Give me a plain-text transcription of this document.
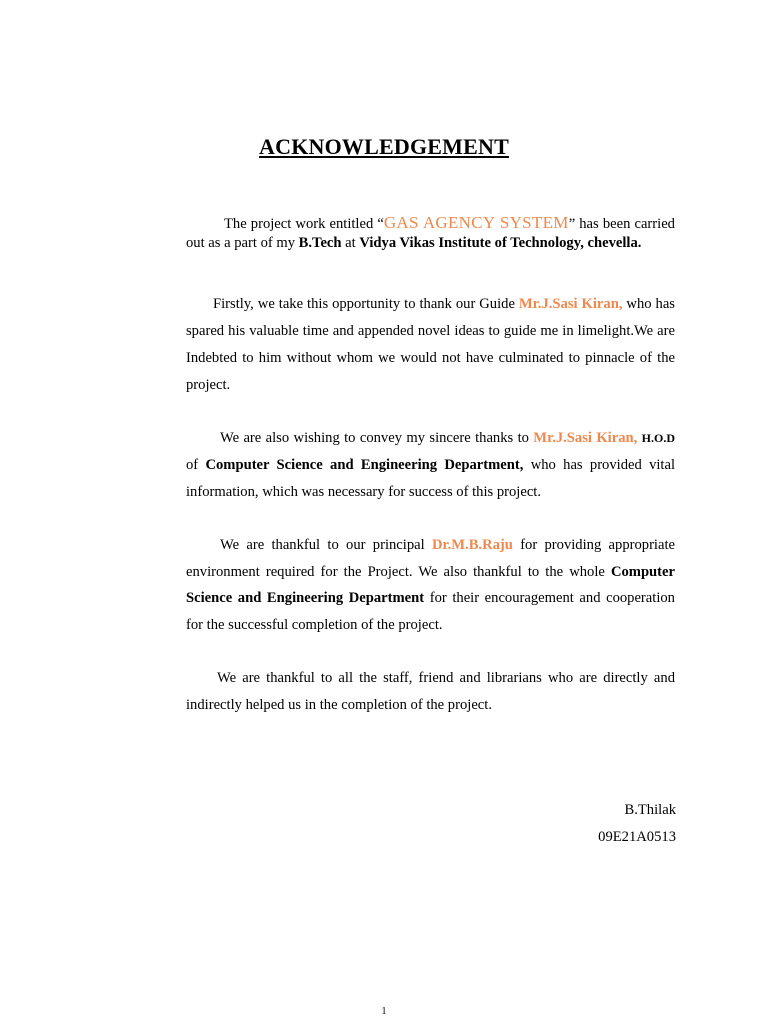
ACKNOWLEDGEMENT
The project work entitled “GAS AGENCY SYSTEM” has been carried out as a part of my B.Tech at Vidya Vikas Institute of Technology, chevella.
Firstly, we take this opportunity to thank our Guide Mr.J.Sasi Kiran, who has spared his valuable time and appended novel ideas to guide me in limelight.We are Indebted to him without whom we would not have culminated to pinnacle of the project.
We are also wishing to convey my sincere thanks to Mr.J.Sasi Kiran, H.O.D of Computer Science and Engineering Department, who has provided vital information, which was necessary for success of this project.
We are thankful to our principal Dr.M.B.Raju for providing appropriate environment required for the Project. We also thankful to the whole Computer Science and Engineering Department for their encouragement and cooperation for the successful completion of the project.
We are thankful to all the staff, friend and librarians who are directly and indirectly helped us in the completion of the project.
B.Thilak
09E21A0513
1
